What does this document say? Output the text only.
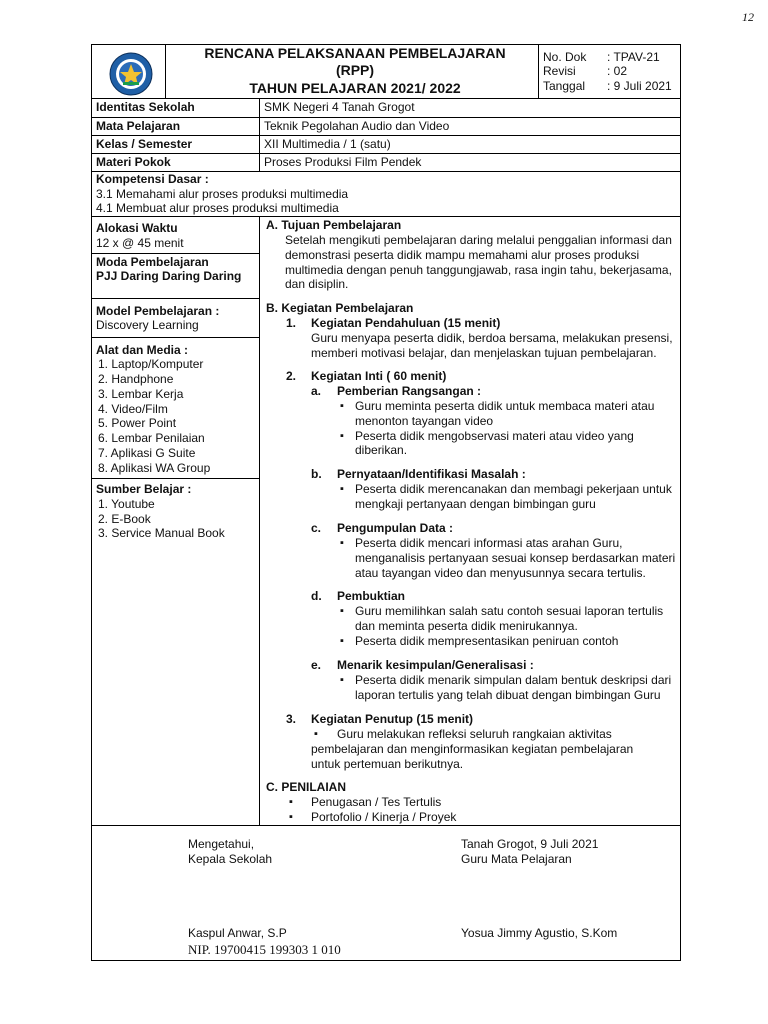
12
RENCANA PELAKSANAAN PEMBELAJARAN
(RPP)
TAHUN PELAJARAN 2021/ 2022
No. Dok : TPAV-21
Revisi	: 02
Tanggal : 9 Juli 2021
Identitas Sekolah	SMK Negeri 4 Tanah Grogot
Mata Pelajaran	Teknik Pegolahan Audio dan Video
Kelas / Semester	XII Multimedia / 1 (satu)
Materi Pokok	Proses Produksi Film Pendek
Kompetensi Dasar :
3.1 Memahami alur proses produksi multimedia
4.1 Membuat alur proses produksi multimedia
Alokasi Waktu
12 x @ 45 menit
Moda Pembelajaran
PJJ Daring Daring Daring
Model Pembelajaran :
Discovery Learning
Alat dan Media :
1. Laptop/Komputer
2. Handphone
3. Lembar Kerja
4. Video/Film
5. Power Point
6. Lembar Penilaian
7. Aplikasi G Suite
8. Aplikasi WA Group
Sumber Belajar :
1. Youtube
2. E-Book
3. Service Manual Book
A. Tujuan Pembelajaran
Setelah mengikuti pembelajaran daring melalui penggalian informasi dan
demonstrasi peserta didik mampu memahami alur proses produksi
multimedia dengan penuh tanggungjawab, rasa ingin tahu, bekerjasama,
dan disiplin.
B. Kegiatan Pembelajaran
1. Kegiatan Pendahuluan (15 menit)
Guru menyapa peserta didik, berdoa bersama, melakukan presensi,
memberi motivasi belajar, dan menjelaskan tujuan pembelajaran.
2. Kegiatan Inti ( 60 menit)
a. Pemberian Rangsangan :
▪ Guru meminta peserta didik untuk membaca materi atau
menonton tayangan video
▪ Peserta didik mengobservasi materi atau video yang
diberikan.
b. Pernyataan/Identifikasi Masalah :
▪ Peserta didik merencanakan dan membagi pekerjaan untuk
mengkaji pertanyaan dengan bimbingan guru
c. Pengumpulan Data :
▪ Peserta didik mencari informasi atas arahan Guru,
menganalisis pertanyaan sesuai konsep berdasarkan materi
atau tayangan video dan menyusunnya secara tertulis.
d. Pembuktian
▪ Guru memilihkan salah satu contoh sesuai laporan tertulis
dan meminta peserta didik menirukannya.
▪ Peserta didik mempresentasikan peniruan contoh
e. Menarik kesimpulan/Generalisasi :
▪ Peserta didik menarik simpulan dalam bentuk deskripsi dari
laporan tertulis yang telah dibuat dengan bimbingan Guru
3. Kegiatan Penutup (15 menit)
▪ Guru melakukan refleksi seluruh rangkaian aktivitas
pembelajaran dan menginformasikan kegiatan pembelajaran
untuk pertemuan berikutnya.
C. PENILAIAN
▪ Penugasan / Tes Tertulis
▪ Portofolio / Kinerja / Proyek
Mengetahui,
Kepala Sekolah
Kaspul Anwar, S.P
NIP. 19700415 199303 1 010
Tanah Grogot, 9 Juli 2021
Guru Mata Pelajaran
Yosua Jimmy Agustio, S.Kom
